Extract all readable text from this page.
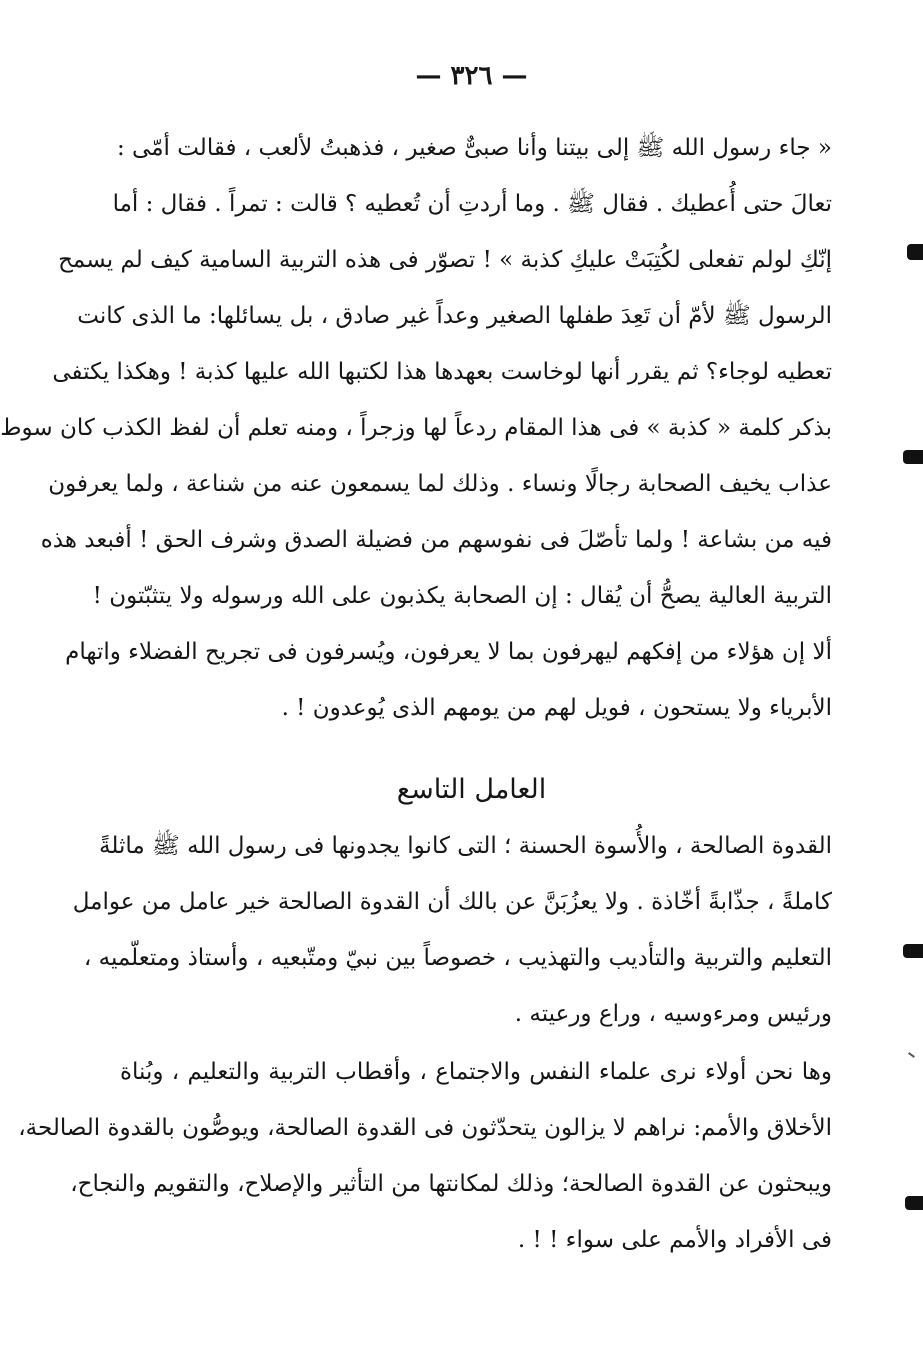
— ٣٢٦ —
« جاء رسول الله ﷺ إلى بيتنا وأنا صبىٌّ صغير ، فذهبتُ لألعب ، فقالت أمّى :
تعالَ حتى أُعطيك . فقال ﷺ . وما أردتِ أن تُعطيه ؟ قالت : تمراً . فقال : أما
إنّكِ لولم تفعلى لكُتِبَتْ عليكِ كذبة » ! تصوّر فى هذه التربية السامية كيف لم يسمح
الرسول ﷺ لأمّ أن تَعِدَ طفلها الصغير وعداً غير صادق ، بل يسائلها: ما الذى كانت
تعطيه لوجاء؟ ثم يقرر أنها لوخاست بعهدها هذا لكتبها الله عليها كذبة ! وهكذا يكتفى
بذكر كلمة « كذبة » فى هذا المقام ردعاً لها وزجراً ، ومنه تعلم أن لفظ الكذب كان سوط
عذاب يخيف الصحابة رجالًا ونساء . وذلك لما يسمعون عنه من شناعة ، ولما يعرفون
فيه من بشاعة ! ولما تأصّلَ فى نفوسهم من فضيلة الصدق وشرف الحق ! أفبعد هذه
التربية العالية يصحُّ أن يُقال : إن الصحابة يكذبون على الله ورسوله ولا يتثبّتون !
ألا إن هؤلاء من إفكهم ليهرفون بما لا يعرفون، ويُسرفون فى تجريح الفضلاء واتهام
الأبرياء ولا يستحون ، فويل لهم من يومهم الذى يُوعدون ! .
العامل التاسع
القدوة الصالحة ، والأُسوة الحسنة ؛ التى كانوا يجدونها فى رسول الله ﷺ ماثلةً
كاملةً ، جذّابةً أخّاذة . ولا يعزُبَنَّ عن بالك أن القدوة الصالحة خير عامل من عوامل
التعليم والتربية والتأديب والتهذيب ، خصوصاً بين نبيّ ومتّبعيه ، وأستاذ ومتعلّميه ،
ورئيس ومرءوسيه ، وراع ورعيته .
وها نحن أولاء نرى علماء النفس والاجتماع ، وأقطاب التربية والتعليم ، وبُناة
الأخلاق والأمم: نراهم لا يزالون يتحدّثون فى القدوة الصالحة، ويوصُّون بالقدوة الصالحة،
ويبحثون عن القدوة الصالحة؛ وذلك لمكانتها من التأثير والإصلاح، والتقويم والنجاح،
فى الأفراد والأمم على سواء ! ! .
